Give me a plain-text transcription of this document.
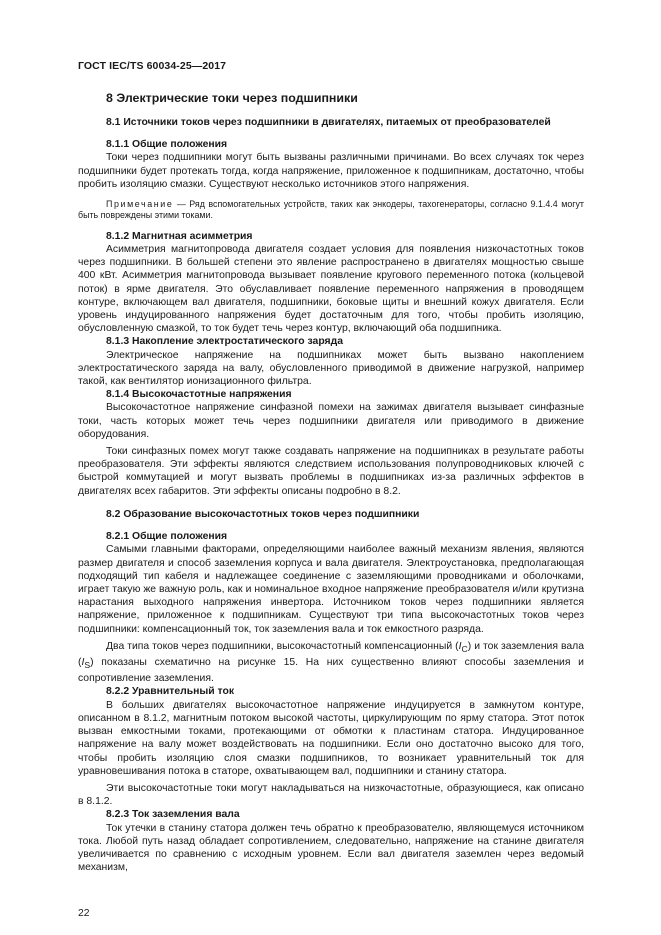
ГОСТ IEC/TS 60034-25—2017
8 Электрические токи через подшипники
8.1 Источники токов через подшипники в двигателях, питаемых от преобразователей
8.1.1 Общие положения

Токи через подшипники могут быть вызваны различными причинами. Во всех случаях ток через подшипники будет протекать тогда, когда напряжение, приложенное к подшипникам, достаточно, чтобы пробить изоляцию смазки. Существуют несколько источников этого напряжения.

Примечание — Ряд вспомогательных устройств, таких как энкодеры, тахогенераторы, согласно 9.1.4.4 могут быть повреждены этими токами.
8.1.2 Магнитная асимметрия

Асимметрия магнитопровода двигателя создает условия для появления низкочастотных токов через подшипники. В большей степени это явление распространено в двигателях мощностью свыше 400 кВт. Асимметрия магнитопровода вызывает появление кругового переменного потока (кольцевой поток) в ярме двигателя. Это обуславливает появление переменного напряжения в проводящем контуре, включающем вал двигателя, подшипники, боковые щиты и внешний кожух двигателя. Если уровень индуцированного напряжения будет достаточным для того, чтобы пробить изоляцию, обусловленную смазкой, то ток будет течь через контур, включающий оба подшипника.

8.1.3 Накопление электростатического заряда

Электрическое напряжение на подшипниках может быть вызвано накоплением электростатического заряда на валу, обусловленного приводимой в движение нагрузкой, например такой, как вентилятор ионизационного фильтра.

8.1.4 Высокочастотные напряжения

Высокочастотное напряжение синфазной помехи на зажимах двигателя вызывает синфазные токи, часть которых может течь через подшипники двигателя или приводимого в движение оборудования.

Токи синфазных помех могут также создавать напряжение на подшипниках в результате работы преобразователя. Эти эффекты являются следствием использования полупроводниковых ключей с быстрой коммутацией и могут вызвать проблемы в подшипниках из-за различных эффектов в двигателях всех габаритов. Эти эффекты описаны подробно в 8.2.

8.2 Образование высокочастотных токов через подшипники
8.2.1 Общие положения

Самыми главными факторами, определяющими наиболее важный механизм явления, являются размер двигателя и способ заземления корпуса и вала двигателя. Электроустановка, предполагающая подходящий тип кабеля и надлежащее соединение с заземляющими проводниками и оболочками, играет такую же важную роль, как и номинальное входное напряжение преобразователя и/или крутизна нарастания выходного напряжения инвертора. Источником токов через подшипники является напряжение, приложенное к подшипникам. Существуют три типа высокочастотных токов через подшипники: компенсационный ток, ток заземления вала и ток емкостного разряда.

Два типа токов через подшипники, высокочастотный компенсационный $(I_C)$ и ток заземления вала $(I_S)$ показаны схематично на рисунке 15. На них существенно влияют способы заземления и сопротивление заземления.

8.2.2 Уравнительный ток

В больших двигателях высокочастотное напряжение индуцируется в замкнутом контуре, описанном в 8.1.2, магнитным потоком высокой частоты, циркулирующим по ярму статора. Этот поток вызван емкостными токами, протекающими от обмотки к пластинам статора. Индуцированное напряжение на валу может воздействовать на подшипники. Если оно достаточно высоко для того, чтобы пробить изоляцию слоя смазки подшипников, то возникает уравнительный ток для уравновешивания потока в статоре, охватывающем вал, подшипники и станину статора.

Эти высокочастотные токи могут накладываться на низкочастотные, образующиеся, как описано в 8.1.2.

8.2.3 Ток заземления вала

Ток утечки в станину статора должен течь обратно к преобразователю, являющемуся источником тока. Любой путь назад обладает сопротивлением, следовательно, напряжение на станине двигателя увеличивается по сравнению с исходным уровнем. Если вал двигателя заземлен через ведомый механизм,

22
